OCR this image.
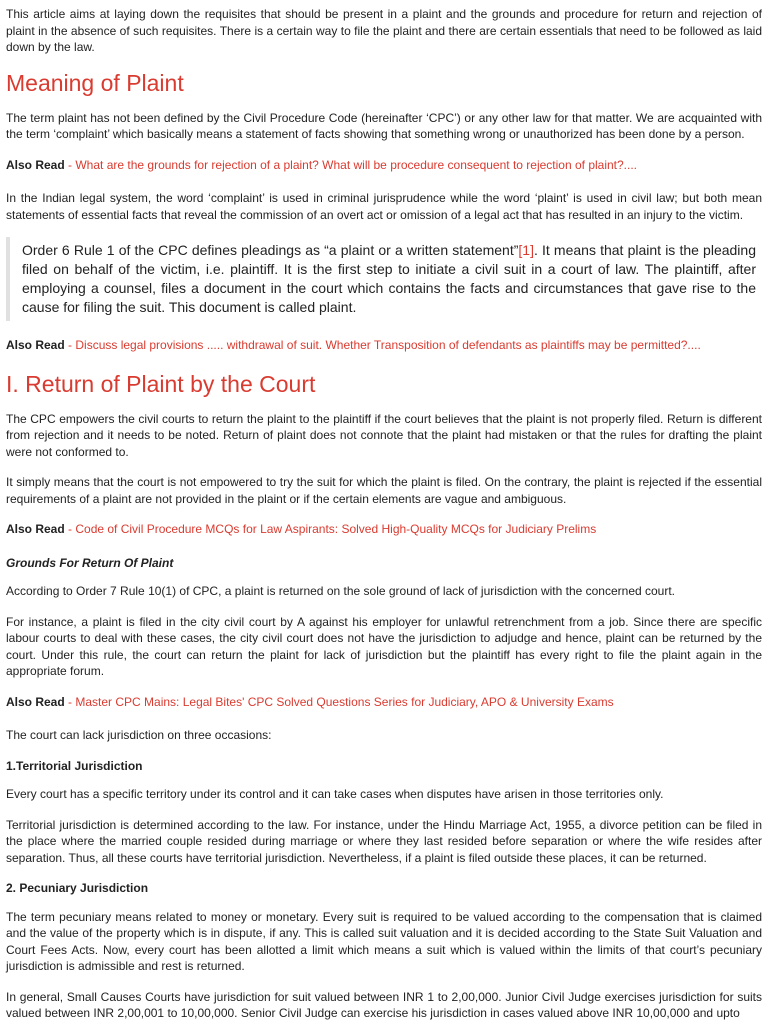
This article aims at laying down the requisites that should be present in a plaint and the grounds and procedure for return and rejection of plaint in the absence of such requisites. There is a certain way to file the plaint and there are certain essentials that need to be followed as laid down by the law.

Meaning of Plaint

The term plaint has not been defined by the Civil Procedure Code (hereinafter ‘CPC’) or any other law for that matter. We are acquainted with the term ‘complaint’ which basically means a statement of facts showing that something wrong or unauthorized has been done by a person.

Also Read - What are the grounds for rejection of a plaint? What will be procedure consequent to rejection of plaint?....

In the Indian legal system, the word ‘complaint’ is used in criminal jurisprudence while the word ‘plaint’ is used in civil law; but both mean statements of essential facts that reveal the commission of an overt act or omission of a legal act that has resulted in an injury to the victim.

Order 6 Rule 1 of the CPC defines pleadings as “a plaint or a written statement”[1]. It means that plaint is the pleading filed on behalf of the victim, i.e. plaintiff. It is the first step to initiate a civil suit in a court of law. The plaintiff, after employing a counsel, files a document in the court which contains the facts and circumstances that gave rise to the cause for filing the suit. This document is called plaint.

Also Read - Discuss legal provisions ..... withdrawal of suit. Whether Transposition of defendants as plaintiffs may be permitted?....

I. Return of Plaint by the Court

The CPC empowers the civil courts to return the plaint to the plaintiff if the court believes that the plaint is not properly filed. Return is different from rejection and it needs to be noted. Return of plaint does not connote that the plaint had mistaken or that the rules for drafting the plaint were not conformed to.

It simply means that the court is not empowered to try the suit for which the plaint is filed. On the contrary, the plaint is rejected if the essential requirements of a plaint are not provided in the plaint or if the certain elements are vague and ambiguous.

Also Read - Code of Civil Procedure MCQs for Law Aspirants: Solved High-Quality MCQs for Judiciary Prelims

Grounds For Return Of Plaint

According to Order 7 Rule 10(1) of CPC, a plaint is returned on the sole ground of lack of jurisdiction with the concerned court.

For instance, a plaint is filed in the city civil court by A against his employer for unlawful retrenchment from a job. Since there are specific labour courts to deal with these cases, the city civil court does not have the jurisdiction to adjudge and hence, plaint can be returned by the court. Under this rule, the court can return the plaint for lack of jurisdiction but the plaintiff has every right to file the plaint again in the appropriate forum.

Also Read - Master CPC Mains: Legal Bites' CPC Solved Questions Series for Judiciary, APO & University Exams

The court can lack jurisdiction on three occasions:

1.Territorial Jurisdiction

Every court has a specific territory under its control and it can take cases when disputes have arisen in those territories only.

Territorial jurisdiction is determined according to the law. For instance, under the Hindu Marriage Act, 1955, a divorce petition can be filed in the place where the married couple resided during marriage or where they last resided before separation or where the wife resides after separation. Thus, all these courts have territorial jurisdiction. Nevertheless, if a plaint is filed outside these places, it can be returned.

2. Pecuniary Jurisdiction

The term pecuniary means related to money or monetary. Every suit is required to be valued according to the compensation that is claimed and the value of the property which is in dispute, if any. This is called suit valuation and it is decided according to the State Suit Valuation and Court Fees Acts. Now, every court has been allotted a limit which means a suit which is valued within the limits of that court’s pecuniary jurisdiction is admissible and rest is returned.

In general, Small Causes Courts have jurisdiction for suit valued between INR 1 to 2,00,000. Junior Civil Judge exercises jurisdiction for suits valued between INR 2,00,001 to 10,00,000. Senior Civil Judge can exercise his jurisdiction in cases valued above INR 10,00,000 and upto
